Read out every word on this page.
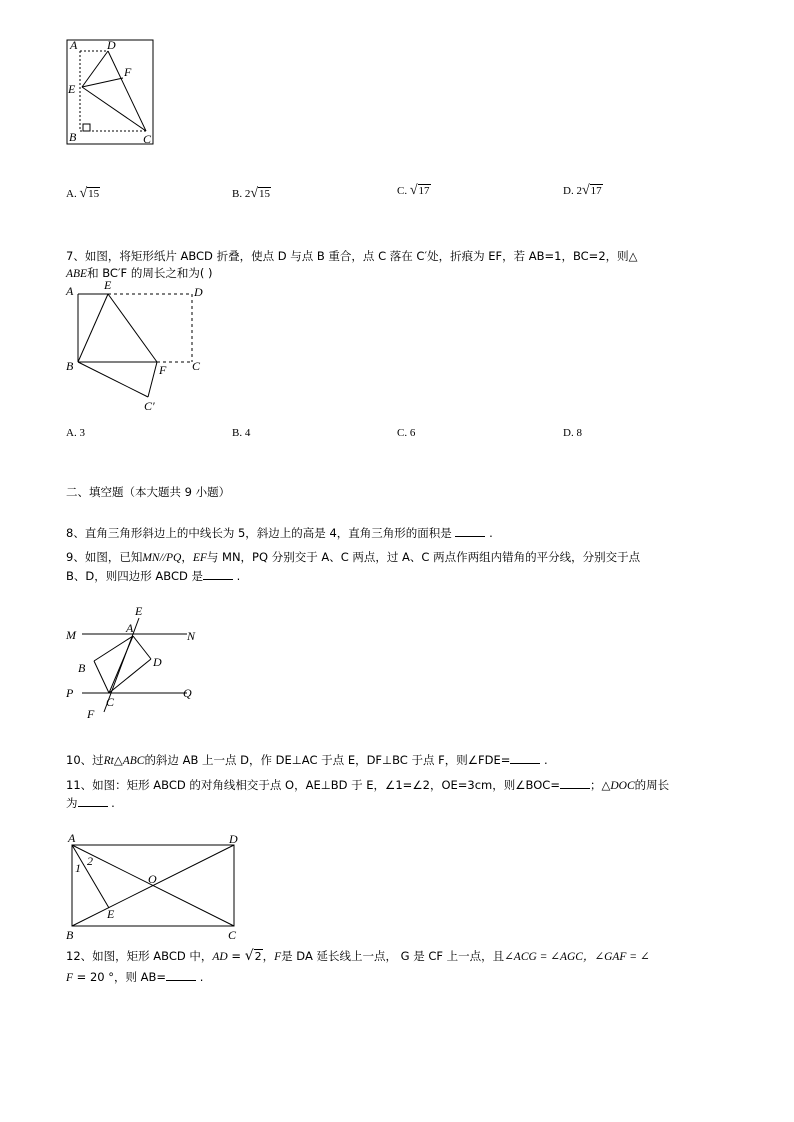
A D
F
E
B	C
A. √15	B. 2√15	C. √17	D. 2√17
7、如图，将矩形纸片 ABCD 折叠，使点 D 与点 B 重合，点 C 落在 C′处，折痕为 EF，若 AB=1，BC=2，则△
ABE和 BC′F 的周长之和为( )
A	E	D
B	F C
C′
A. 3	B. 4	C. 6	D. 8
二、填空题（本大题共 9 小题）
8、直角三角形斜边上的中线长为 5，斜边上的高是 4，直角三角形的面积是	.
9、如图，已知MN//PQ，EF与 MN，PQ 分别交于 A、C 两点，过 A、C 两点作两组内错角的平分线，分别交于点
B、D，则四边形 ABCD 是	.
E
M	A
N
B	D
P
C
Q
F
10、过Rt△ABC的斜边 AB 上一点 D，作 DE⊥AC 于点 E，DF⊥BC 于点 F，则∠FDE=	.
11、如图：矩形 ABCD 的对角线相交于点 O，AE⊥BD 于 E，∠1=∠2，OE=3cm，则∠BOC=	；△DOC的周长
为	.
A	D
1 2
O
E
B	C
12、如图，矩形 ABCD 中，AD = √2，F是 DA 延长线上一点， G 是 CF 上一点，且∠ACG = ∠AGC，∠GAF = ∠
F = 20 °，则 AB=	.
